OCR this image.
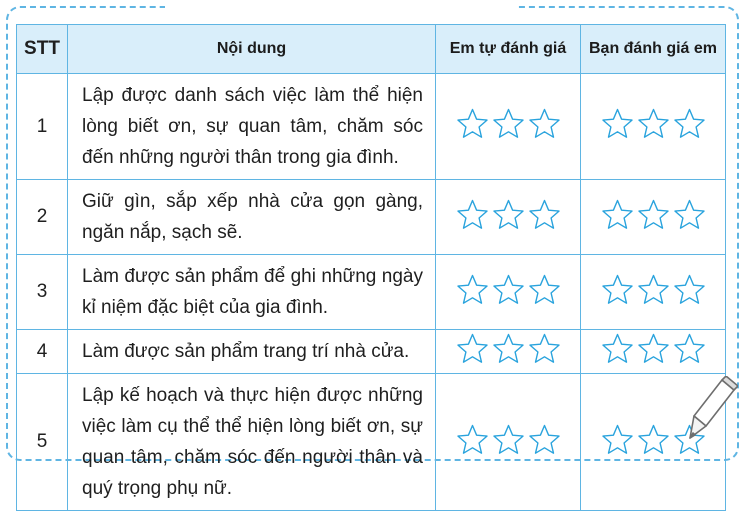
STT	Nội dung	Em tự đánh giá	Bạn đánh giá em
1	Lập được danh sách việc làm thể hiện lòng biết ơn, sự quan tâm, chăm sóc đến những người thân trong gia đình.	

2	Giữ gìn, sắp xếp nhà cửa gọn gàng, ngăn nắp, sạch sẽ.	

3	Làm được sản phẩm để ghi những ngày kỉ niệm đặc biệt của gia đình.	

4	Làm được sản phẩm trang trí nhà cửa.	

5	Lập kế hoạch và thực hiện được những việc làm cụ thể thể hiện lòng biết ơn, sự quan tâm, chăm sóc đến người thân và quý trọng phụ nữ.	
